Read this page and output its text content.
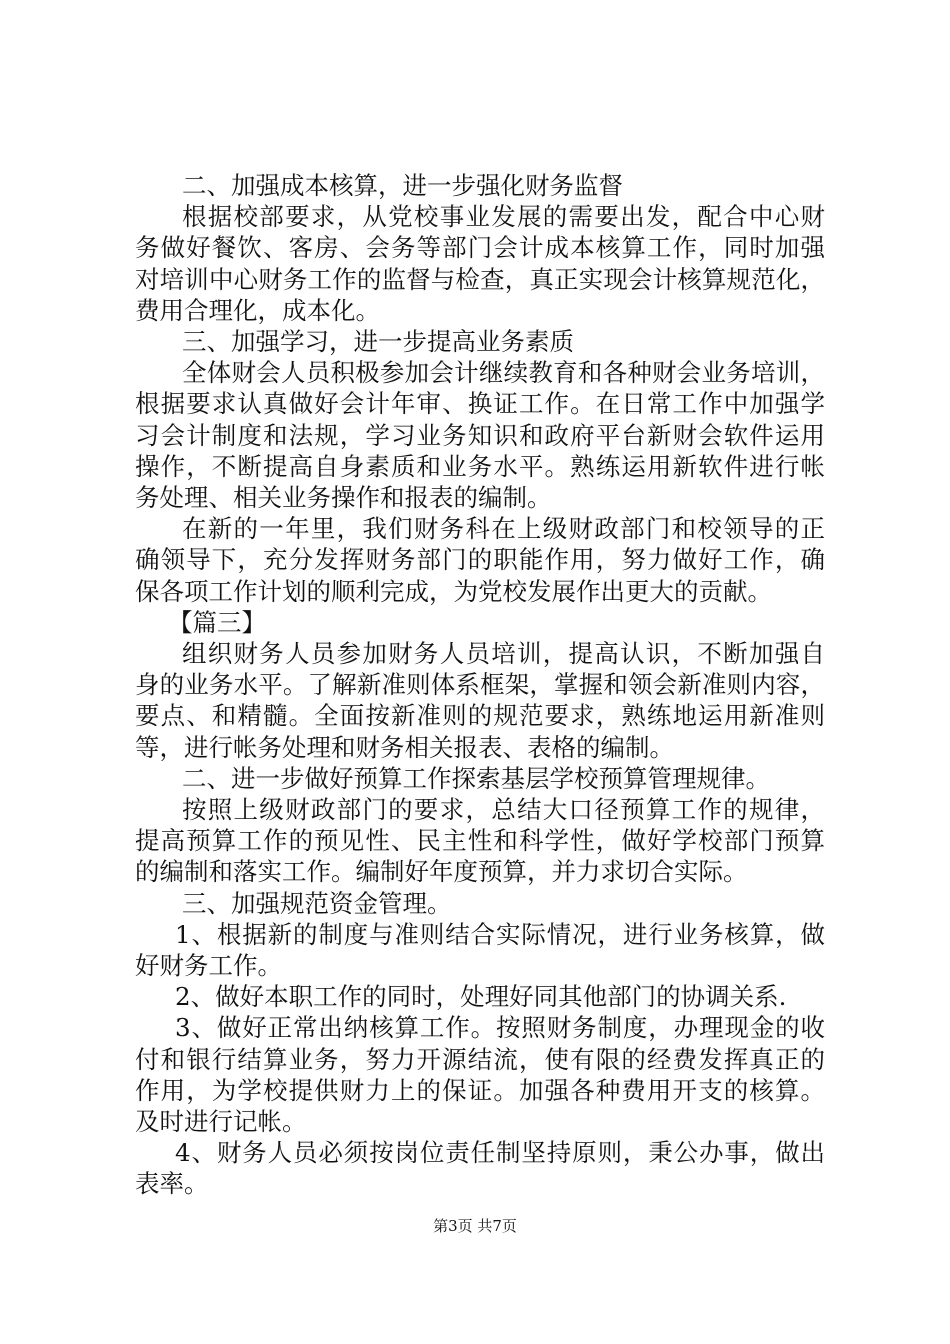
二、加强成本核算，进一步强化财务监督
根据校部要求，从党校事业发展的需要出发，配合中心财
务做好餐饮、客房、会务等部门会计成本核算工作，同时加强
对培训中心财务工作的监督与检查，真正实现会计核算规范化，
费用合理化，成本化。
三、加强学习，进一步提高业务素质
全体财会人员积极参加会计继续教育和各种财会业务培训，
根据要求认真做好会计年审、换证工作。在日常工作中加强学
习会计制度和法规，学习业务知识和政府平台新财会软件运用
操作，不断提高自身素质和业务水平。熟练运用新软件进行帐
务处理、相关业务操作和报表的编制。
在新的一年里，我们财务科在上级财政部门和校领导的正
确领导下，充分发挥财务部门的职能作用，努力做好工作，确
保各项工作计划的顺利完成，为党校发展作出更大的贡献。
【篇三】
组织财务人员参加财务人员培训，提高认识，不断加强自
身的业务水平。了解新准则体系框架，掌握和领会新准则内容，
要点、和精髓。全面按新准则的规范要求，熟练地运用新准则
等，进行帐务处理和财务相关报表、表格的编制。
二、进一步做好预算工作探索基层学校预算管理规律。
按照上级财政部门的要求，总结大口径预算工作的规律，
提高预算工作的预见性、民主性和科学性，做好学校部门预算
的编制和落实工作。编制好年度预算，并力求切合实际。
三、加强规范资金管理。
1、根据新的制度与准则结合实际情况，进行业务核算，做
好财务工作。
2、做好本职工作的同时，处理好同其他部门的协调关系.
3、做好正常出纳核算工作。按照财务制度，办理现金的收
付和银行结算业务，努力开源结流，使有限的经费发挥真正的
作用，为学校提供财力上的保证。加强各种费用开支的核算。
及时进行记帐。
4、财务人员必须按岗位责任制坚持原则，秉公办事，做出
表率。
第3页 共7页
